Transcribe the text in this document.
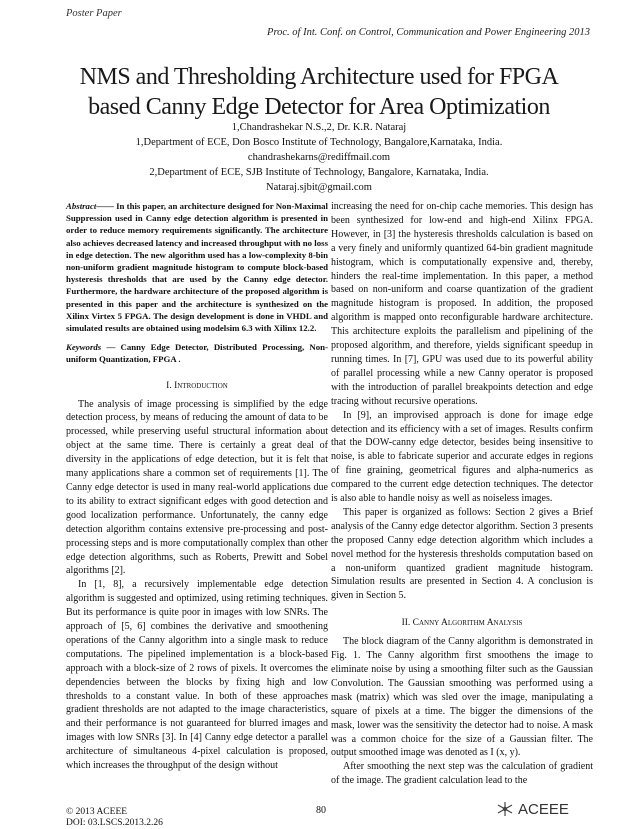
Poster Paper
Proc. of Int. Conf. on Control, Communication and Power Engineering 2013
NMS and Thresholding Architecture used for FPGA
based Canny Edge Detector for Area Optimization
1,Chandrashekar N.S.,2, Dr. K.R. Nataraj
1,Department of ECE, Don Bosco Institute of Technology, Bangalore,Karnataka, India.
chandrashekarns@rediffmail.com
2,Department of ECE, SJB Institute of Technology, Bangalore, Karnataka, India.
Nataraj.sjbit@gmail.com

Abstract—— In this paper, an architecture designed for Non-Maximal Suppression used in Canny edge detection algorithm is presented in order to reduce memory requirements significantly. The architecture also achieves decreased latency and increased throughput with no loss in edge detection. The new algorithm used has a low-complexity 8-bin non-uniform gradient magnitude histogram to compute block-based hysteresis thresholds that are used by the Canny edge detector. Furthermore, the hardware architecture of the proposed algorithm is presented in this paper and the architecture is synthesized on the Xilinx Virtex 5 FPGA. The design development is done in VHDL and simulated results are obtained using modelsim 6.3 with Xilinx 12.2.

Keywords — Canny Edge Detector, Distributed Processing, Non-uniform Quantization, FPGA .

I. Introduction

The analysis of image processing is simplified by the edge detection process, by means of reducing the amount of data to be processed, while preserving useful structural information about object at the same time. There is certainly a great deal of diversity in the applications of edge detection, but it is felt that many applications share a common set of requirements [1]. The Canny edge detector is used in many real-world applications due to its ability to extract significant edges with good detection and good localization performance. Unfortunately, the canny edge detection algorithm contains extensive pre-processing and post-processing steps and is more computationally complex than other edge detection algorithms, such as Roberts, Prewitt and Sobel algorithms [2].

In [1, 8], a recursively implementable edge detection algorithm is suggested and optimized, using retiming techniques. But its performance is quite poor in images with low SNRs. The approach of [5, 6] combines the derivative and smoothening operations of the Canny algorithm into a single mask to reduce computations. The pipelined implementation is a block-based approach with a block-size of 2 rows of pixels. It overcomes the dependencies between the blocks by fixing high and low thresholds to a constant value. In both of these approaches gradient thresholds are not adapted to the image characteristics, and their performance is not guaranteed for blurred images and images with low SNRs [3]. In [4] Canny edge detector a parallel architecture of simultaneous 4-pixel calculation is proposed, which increases the throughput of the design without

increasing the need for on-chip cache memories. This design has been synthesized for low-end and high-end Xilinx FPGA. However, in [3] the hysteresis thresholds calculation is based on a very finely and uniformly quantized 64-bin gradient magnitude histogram, which is computationally expensive and, thereby, hinders the real-time implementation. In this paper, a method based on non-uniform and coarse quantization of the gradient magnitude histogram is proposed. In addition, the proposed algorithm is mapped onto reconfigurable hardware architecture. This architecture exploits the parallelism and pipelining of the proposed algorithm, and therefore, yields significant speedup in running times. In [7], GPU was used due to its powerful ability of parallel processing while a new Canny operator is proposed with the introduction of parallel breakpoints detection and edge tracing without recursive operations.

In [9], an improvised approach is done for image edge detection and its efficiency with a set of images. Results confirm that the DOW-canny edge detector, besides being insensitive to noise, is able to fabricate superior and accurate edges in regions of fine graining, geometrical figures and alpha-numerics as compared to the current edge detection techniques. The detector is also able to handle noisy as well as noiseless images.

This paper is organized as follows: Section 2 gives a Brief analysis of the Canny edge detector algorithm. Section 3 presents the proposed Canny edge detection algorithm which includes a novel method for the hysteresis thresholds computation based on a non-uniform quantized gradient magnitude histogram. Simulation results are presented in Section 4. A conclusion is given in Section 5.

II. Canny Algorithm Analysis

The block diagram of the Canny algorithm is demonstrated in Fig. 1. The Canny algorithm first smoothens the image to eliminate noise by using a smoothing filter such as the Gaussian Convolution. The Gaussian smoothing was performed using a mask (matrix) which was sled over the image, manipulating a square of pixels at a time. The bigger the dimensions of the mask, lower was the sensitivity the detector had to noise. A mask was a common choice for the size of a Gaussian filter. The output smoothed image was denoted as I (x, y).

After smoothing the next step was the calculation of gradient of the image. The gradient calculation lead to the

80
© 2013 ACEEE
DOI: 03.LSCS.2013.2.26
ACEEE
